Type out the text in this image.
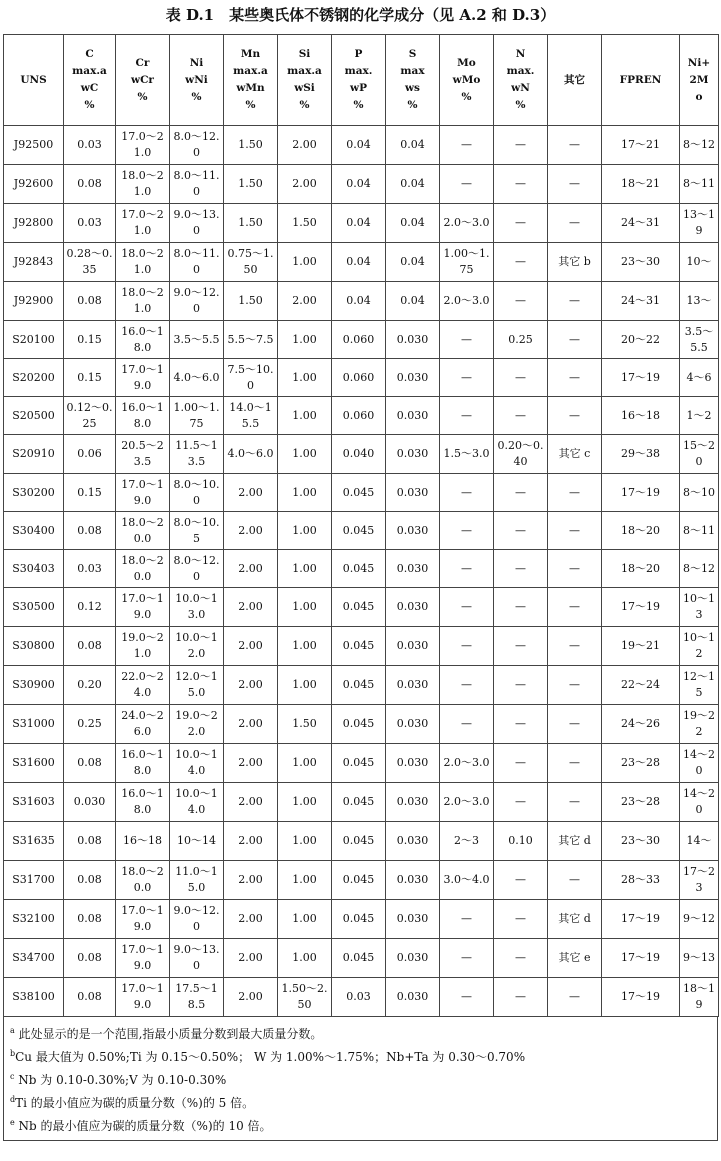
表 D.1　某些奥氏体不锈钢的化学成分（见 A.2 和 D.3）
UNS	C
max.a
wC
%	Cr
wCr
%	Ni
wNi
%	Mn
max.a
wMn
%	Si
max.a
wSi
%	P
max.
wP
%	S
max
ws
%	Mo
wMo
%	N
max.
wN
%	其它	FPREN	Ni+
2M
o

J92500	0.03	17.0～21.0	8.0～12.0	1.50	2.00	0.04	0.04	—	—	—	17～21	8～12
J92600	0.08	18.0～21.0	8.0～11.0	1.50	2.00	0.04	0.04	—	—	—	18～21	8～11
J92800	0.03	17.0～21.0	9.0～13.0	1.50	1.50	0.04	0.04	2.0～3.0	—	—	24～31	13～19
J92843	0.28～0.35	18.0～21.0	8.0～11.0	0.75～1.50	1.00	0.04	0.04	1.00～1.75	—	其它 b	23～30	10～
J92900	0.08	18.0～21.0	9.0～12.0	1.50	2.00	0.04	0.04	2.0～3.0	—	—	24～31	13～
S20100	0.15	16.0～18.0	3.5～5.5	5.5～7.5	1.00	0.060	0.030	—	0.25	—	20～22	3.5～5.5
S20200	0.15	17.0～19.0	4.0～6.0	7.5～10.0	1.00	0.060	0.030	—	—	—	17～19	4～6
S20500	0.12～0.25	16.0～18.0	1.00～1.75	14.0～15.5	1.00	0.060	0.030	—	—	—	16～18	1～2
S20910	0.06	20.5～23.5	11.5～13.5	4.0～6.0	1.00	0.040	0.030	1.5～3.0	0.20～0.40	其它 c	29～38	15～20
S30200	0.15	17.0～19.0	8.0～10.0	2.00	1.00	0.045	0.030	—	—	—	17～19	8～10
S30400	0.08	18.0～20.0	8.0～10.5	2.00	1.00	0.045	0.030	—	—	—	18～20	8～11
S30403	0.03	18.0～20.0	8.0～12.0	2.00	1.00	0.045	0.030	—	—	—	18～20	8～12
S30500	0.12	17.0～19.0	10.0～13.0	2.00	1.00	0.045	0.030	—	—	—	17～19	10～13
S30800	0.08	19.0～21.0	10.0～12.0	2.00	1.00	0.045	0.030	—	—	—	19～21	10～12
S30900	0.20	22.0～24.0	12.0～15.0	2.00	1.00	0.045	0.030	—	—	—	22～24	12～15
S31000	0.25	24.0～26.0	19.0～22.0	2.00	1.50	0.045	0.030	—	—	—	24～26	19～22
S31600	0.08	16.0～18.0	10.0～14.0	2.00	1.00	0.045	0.030	2.0～3.0	—	—	23～28	14～20
S31603	0.030	16.0～18.0	10.0～14.0	2.00	1.00	0.045	0.030	2.0～3.0	—	—	23～28	14～20
S31635	0.08	16～18	10～14	2.00	1.00	0.045	0.030	2～3	0.10	其它 d	23～30	14～
S31700	0.08	18.0～20.0	11.0～15.0	2.00	1.00	0.045	0.030	3.0～4.0	—	—	28～33	17～23
S32100	0.08	17.0～19.0	9.0～12.0	2.00	1.00	0.045	0.030	—	—	其它 d	17～19	9～12
S34700	0.08	17.0～19.0	9.0～13.0	2.00	1.00	0.045	0.030	—	—	其它 e	17～19	9～13
S38100	0.08	17.0～19.0	17.5～18.5	2.00	1.50～2.50	0.03	0.030	—	—	—	17～19	18～19
$^a$ 此处显示的是一个范围,指最小质量分数到最大质量分数。
$^b$Cu 最大值为 0.50%;Ti 为 0.15～0.50%； W 为 1.00%～1.75%；Nb+Ta 为 0.30～0.70%
$^c$ Nb 为 0.10-0.30%;V 为 0.10-0.30%
$^d$Ti 的最小值应为碳的质量分数（%)的 5 倍。
$^e$ Nb 的最小值应为碳的质量分数（%)的 10 倍。
